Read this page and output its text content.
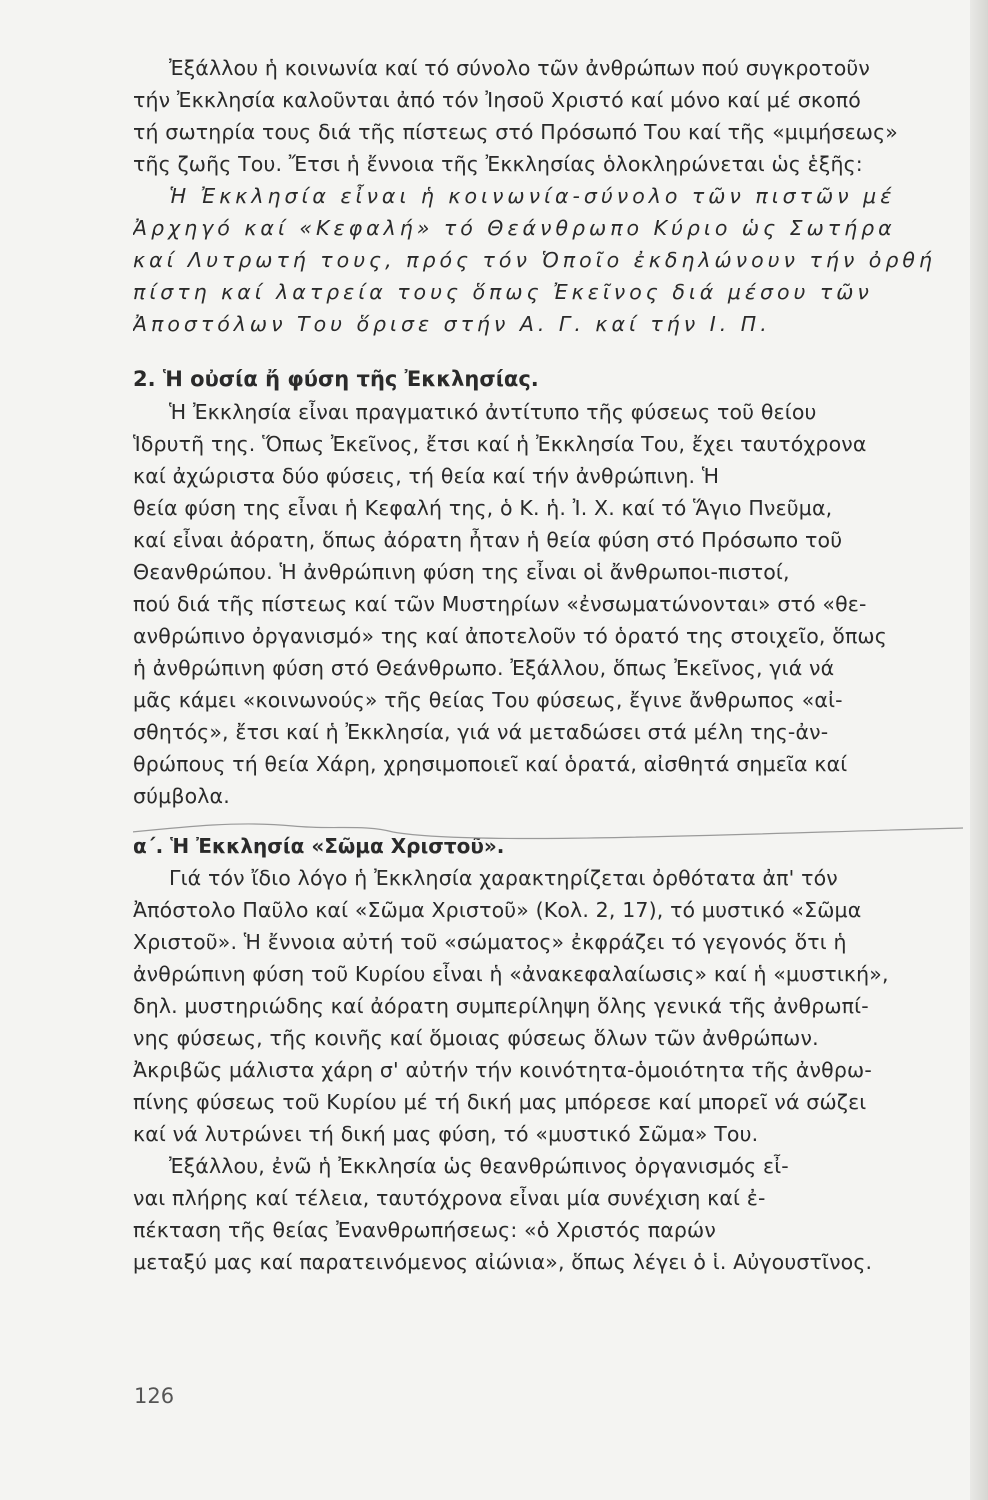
Ἐξάλλου ἡ κοινωνία καί τό σύνολο τῶν ἀνθρώπων πού συγκροτοῦν
τήν Ἐκκλησία καλοῦνται ἀπό τόν Ἰησοῦ Χριστό καί μόνο καί μέ σκοπό
τή σωτηρία τους διά τῆς πίστεως στό Πρόσωπό Του καί τῆς «μιμήσεως»
τῆς ζωῆς Του. Ἔτσι ἡ ἔννοια τῆς Ἐκκλησίας ὁλοκληρώνεται ὡς ἑξῆς:
Ἡ Ἐκκλησία εἶναι ἡ κοινωνία-σύνολο τῶν πιστῶν μέ
Ἀρχηγό καί «Κεφαλή» τό Θεάνθρωπο Κύριο ὡς Σωτήρα
καί Λυτρωτή τους, πρός τόν Ὁποῖο ἐκδηλώνουν τήν ὀρθή
πίστη καί λατρεία τους ὅπως Ἐκεῖνος διά μέσου τῶν
Ἀποστόλων Του ὅρισε στήν Α. Γ. καί τήν Ι. Π.
2. Ἡ οὐσία ἤ φύση τῆς Ἐκκλησίας.
Ἡ Ἐκκλησία εἶναι πραγματικό ἀντίτυπο τῆς φύσεως τοῦ θείου
Ἱδρυτῆ της. Ὅπως Ἐκεῖνος, ἔτσι καί ἡ Ἐκκλησία Του, ἔχει ταυτόχρονα
καί ἀχώριστα δύο φύσεις, τή θεία καί τήν ἀνθρώπινη. Ἡ
θεία φύση της εἶναι ἡ Κεφαλή της, ὁ Κ. ἡ. Ἰ. Χ. καί τό Ἅγιο Πνεῦμα,
καί εἶναι ἀόρατη, ὅπως ἀόρατη ἦταν ἡ θεία φύση στό Πρόσωπο τοῦ
Θεανθρώπου. Ἡ ἀνθρώπινη φύση της εἶναι οἱ ἄνθρωποι-πιστοί,
πού διά τῆς πίστεως καί τῶν Μυστηρίων «ἐνσωματώνονται» στό «θε-
ανθρώπινο ὀργανισμό» της καί ἀποτελοῦν τό ὁρατό της στοιχεῖο, ὅπως
ἡ ἀνθρώπινη φύση στό Θεάνθρωπο. Ἐξάλλου, ὅπως Ἐκεῖνος, γιά νά
μᾶς κάμει «κοινωνούς» τῆς θείας Του φύσεως, ἔγινε ἄνθρωπος «αἰ-
σθητός», ἔτσι καί ἡ Ἐκκλησία, γιά νά μεταδώσει στά μέλη της-ἀν-
θρώπους τή θεία Χάρη, χρησιμοποιεῖ καί ὁρατά, αἰσθητά σημεῖα καί
σύμβολα.
α΄. Ἡ Ἐκκλησία «Σῶμα Χριστοῦ».
Γιά τόν ἴδιο λόγο ἡ Ἐκκλησία χαρακτηρίζεται ὀρθότατα ἀπ' τόν
Ἀπόστολο Παῦλο καί «Σῶμα Χριστοῦ» (Κολ. 2, 17), τό μυστικό «Σῶμα
Χριστοῦ». Ἡ ἔννοια αὐτή τοῦ «σώματος» ἐκφράζει τό γεγονός ὅτι ἡ
ἀνθρώπινη φύση τοῦ Κυρίου εἶναι ἡ «ἀνακεφαλαίωσις» καί ἡ «μυστική»,
δηλ. μυστηριώδης καί ἀόρατη συμπερίληψη ὅλης γενικά τῆς ἀνθρωπί-
νης φύσεως, τῆς κοινῆς καί ὅμοιας φύσεως ὅλων τῶν ἀνθρώπων.
Ἀκριβῶς μάλιστα χάρη σ' αὐτήν τήν κοινότητα-ὁμοιότητα τῆς ἀνθρω-
πίνης φύσεως τοῦ Κυρίου μέ τή δική μας μπόρεσε καί μπορεῖ νά σώζει
καί νά λυτρώνει τή δική μας φύση, τό «μυστικό Σῶμα» Του.
Ἐξάλλου, ἐνῶ ἡ Ἐκκλησία ὡς θεανθρώπινος ὀργανισμός εἶ-
ναι πλήρης καί τέλεια, ταυτόχρονα εἶναι μία συνέχιση καί ἐ-
πέκταση τῆς θείας Ἐνανθρωπήσεως: «ὁ Χριστός παρών
μεταξύ μας καί παρατεινόμενος αἰώνια», ὅπως λέγει ὁ ἱ. Αὐγουστῖνος.
126
